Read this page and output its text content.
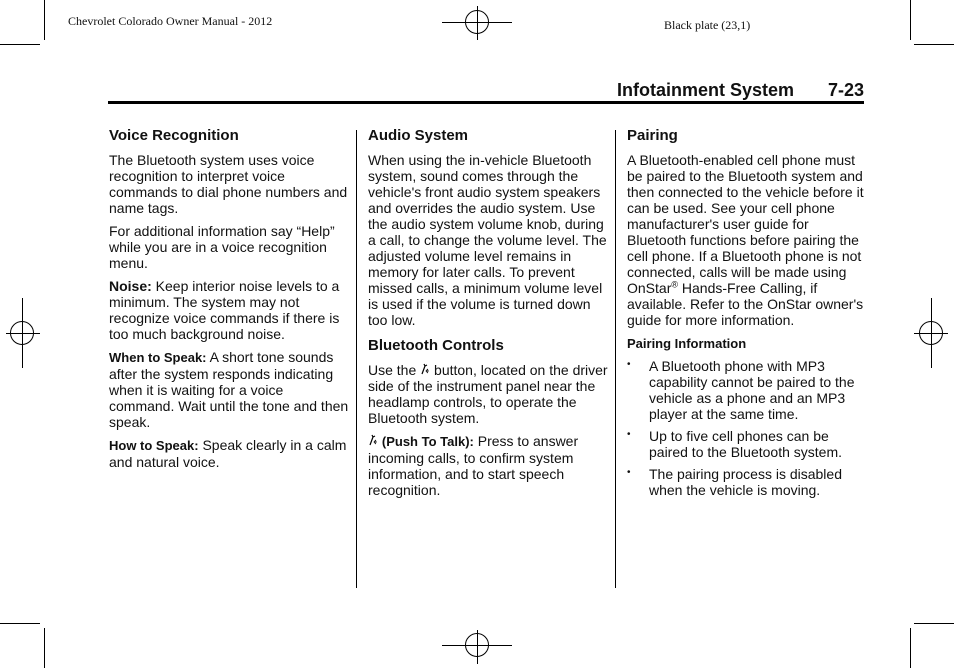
Chevrolet Colorado Owner Manual - 2012	Black plate (23,1)
Infotainment System 7-23
Voice Recognition

The Bluetooth system uses voice recognition to interpret voice commands to dial phone numbers and name tags.

For additional information say “Help” while you are in a voice recognition menu.

Noise: Keep interior noise levels to a minimum. The system may not recognize voice commands if there is too much background noise.

When to Speak: A short tone sounds after the system responds indicating when it is waiting for a voice command. Wait until the tone and then speak.

How to Speak: Speak clearly in a calm and natural voice.

Audio System

When using the in-vehicle Bluetooth system, sound comes through the vehicle's front audio system speakers and overrides the audio system. Use the audio system volume knob, during a call, to change the volume level. The adjusted volume level remains in memory for later calls. To prevent missed calls, a minimum volume level is used if the volume is turned down too low.

Bluetooth Controls

Use the  button, located on the driver side of the instrument panel near the headlamp controls, to operate the Bluetooth system.

(Push To Talk): Press to answer incoming calls, to confirm system information, and to start speech recognition.

Pairing

A Bluetooth-enabled cell phone must be paired to the Bluetooth system and then connected to the vehicle before it can be used. See your cell phone manufacturer's user guide for Bluetooth functions before pairing the cell phone. If a Bluetooth phone is not connected, calls will be made using OnStar® Hands-Free Calling, if available. Refer to the OnStar owner's guide for more information.

Pairing Information
•	A Bluetooth phone with MP3 capability cannot be paired to the vehicle as a phone and an MP3 player at the same time.
•	Up to five cell phones can be paired to the Bluetooth system.
•	The pairing process is disabled when the vehicle is moving.
